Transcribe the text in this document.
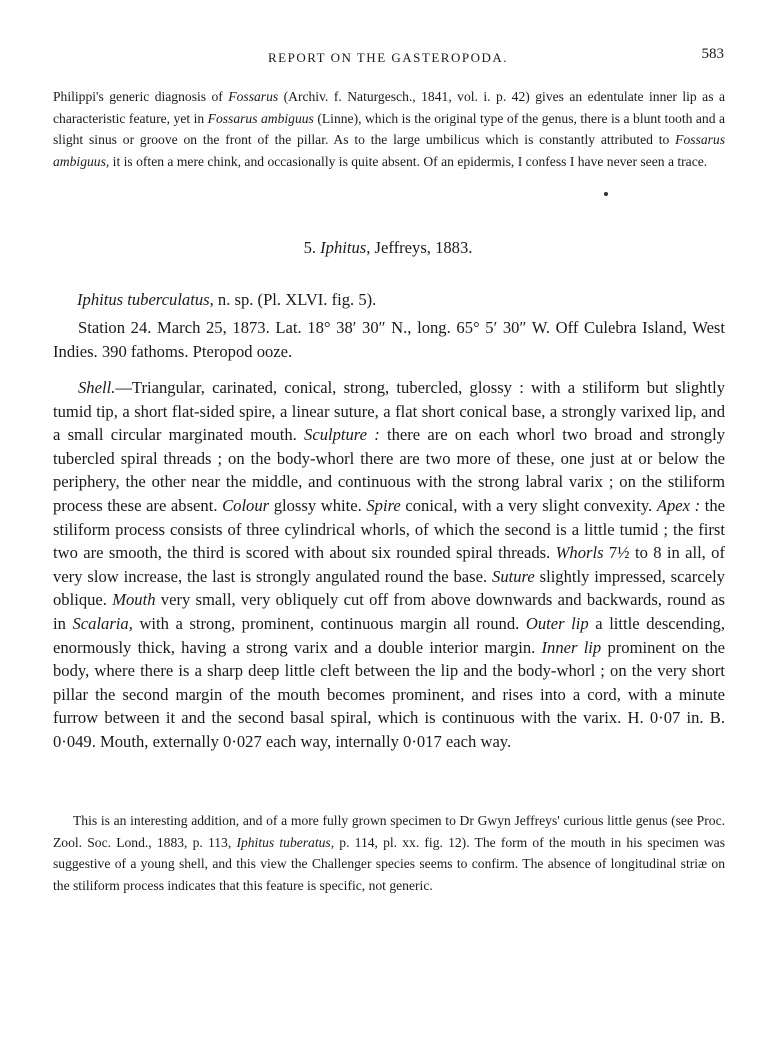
REPORT ON THE GASTEROPODA.	583

Philippi's generic diagnosis of Fossarus (Archiv. f. Naturgesch., 1841, vol. i. p. 42) gives an edentulate inner lip as a characteristic feature, yet in Fossarus ambiguus (Linne), which is the original type of the genus, there is a blunt tooth and a slight sinus or groove on the front of the pillar. As to the large umbilicus which is constantly attributed to Fossarus ambiguus, it is often a mere chink, and occasionally is quite absent. Of an epidermis, I confess I have never seen a trace.

5. Iphitus, Jeffreys, 1883.
Iphitus tuberculatus, n. sp. (Pl. XLVI. fig. 5).

Station 24. March 25, 1873. Lat. 18° 38′ 30″ N., long. 65° 5′ 30″ W. Off Culebra Island, West Indies. 390 fathoms. Pteropod ooze.

Shell.—Triangular, carinated, conical, strong, tubercled, glossy : with a stiliform but slightly tumid tip, a short flat-sided spire, a linear suture, a flat short conical base, a strongly varixed lip, and a small circular marginated mouth. Sculpture : there are on each whorl two broad and strongly tubercled spiral threads ; on the body-whorl there are two more of these, one just at or below the periphery, the other near the middle, and continuous with the strong labral varix ; on the stiliform process these are absent. Colour glossy white. Spire conical, with a very slight convexity. Apex : the stiliform process consists of three cylindrical whorls, of which the second is a little tumid ; the first two are smooth, the third is scored with about six rounded spiral threads. Whorls 7½ to 8 in all, of very slow increase, the last is strongly angulated round the base. Suture slightly impressed, scarcely oblique. Mouth very small, very obliquely cut off from above downwards and backwards, round as in Scalaria, with a strong, prominent, continuous margin all round. Outer lip a little descending, enormously thick, having a strong varix and a double interior margin. Inner lip prominent on the body, where there is a sharp deep little cleft between the lip and the body-whorl ; on the very short pillar the second margin of the mouth becomes prominent, and rises into a cord, with a minute furrow between it and the second basal spiral, which is continuous with the varix. H. 0·07 in. B. 0·049. Mouth, externally 0·027 each way, internally 0·017 each way.

This is an interesting addition, and of a more fully grown specimen to Dr Gwyn Jeffreys' curious little genus (see Proc. Zool. Soc. Lond., 1883, p. 113, Iphitus tuberatus, p. 114, pl. xx. fig. 12). The form of the mouth in his specimen was suggestive of a young shell, and this view the Challenger species seems to confirm. The absence of longitudinal striæ on the stiliform process indicates that this feature is specific, not generic.
